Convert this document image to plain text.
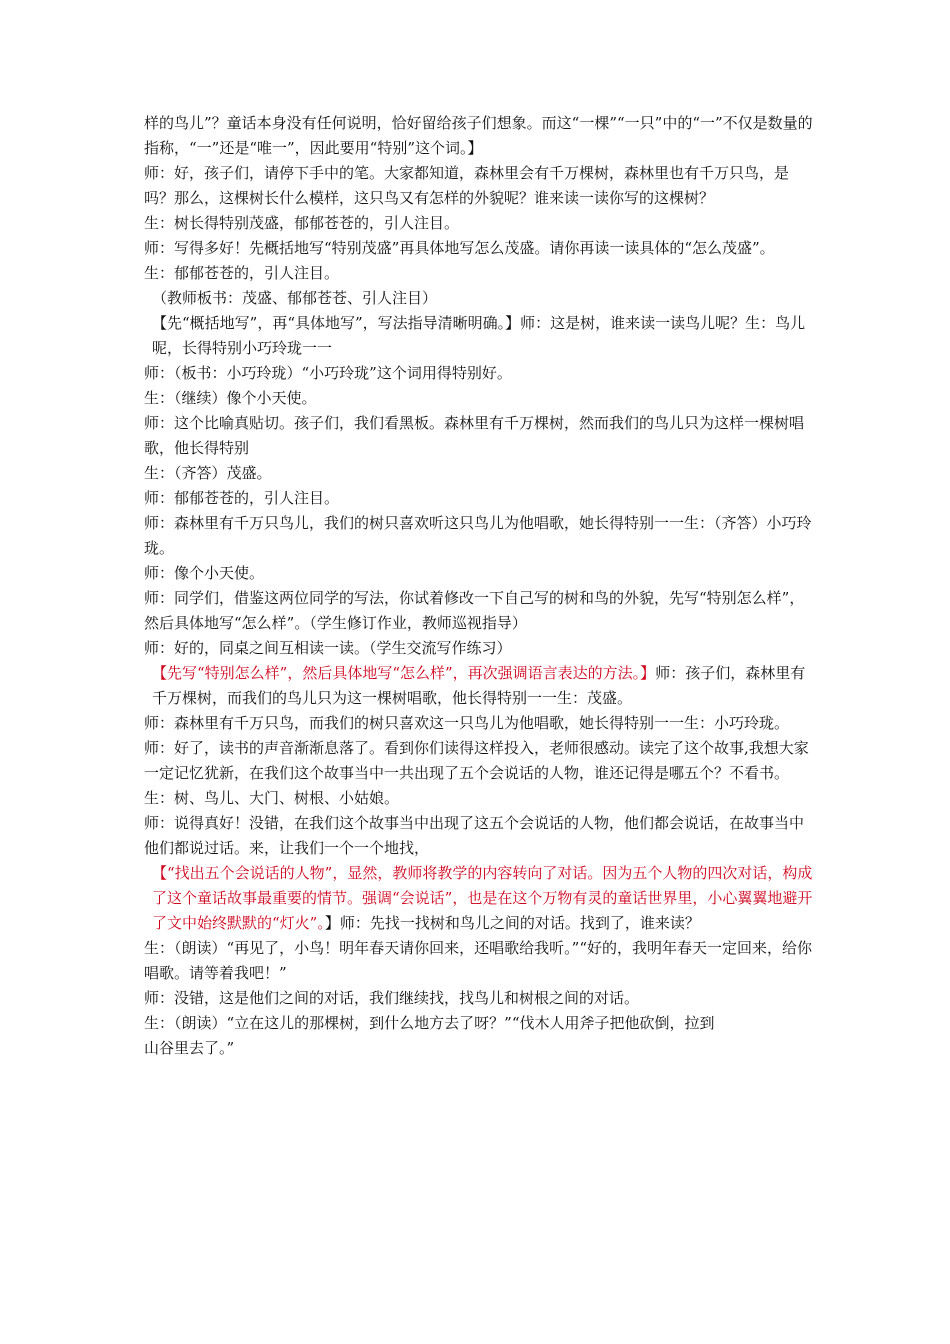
样的鸟儿”？童话本身没有任何说明，恰好留给孩子们想象。而这“一棵”“一只”中的“一”不仅是数量的指称，“一”还是“唯一”，因此要用“特别”这个词。】
师：好，孩子们，请停下手中的笔。大家都知道，森林里会有千万棵树，森林里也有千万只鸟，是吗？那么，这棵树长什么模样，这只鸟又有怎样的外貌呢？谁来读一读你写的这棵树？
生：树长得特别茂盛，郁郁苍苍的，引人注目。
师：写得多好！先概括地写“特别茂盛”再具体地写怎么茂盛。请你再读一读具体的“怎么茂盛”。
生：郁郁苍苍的，引人注目。
（教师板书：茂盛、郁郁苍苍、引人注目）
【先“概括地写”，再“具体地写”，写法指导清晰明确。】师：这是树，谁来读一读鸟儿呢？生：鸟儿呢，长得特别小巧玲珑一一
师：（板书：小巧玲珑）“小巧玲珑”这个词用得特别好。
生：（继续）像个小天使。
师：这个比喻真贴切。孩子们，我们看黑板。森林里有千万棵树，然而我们的鸟儿只为这样一棵树唱歌，他长得特别
生：（齐答）茂盛。
师：郁郁苍苍的，引人注目。
师：森林里有千万只鸟儿，我们的树只喜欢听这只鸟儿为他唱歌，她长得特别一一生：（齐答）小巧玲珑。
师：像个小天使。
师：同学们，借鉴这两位同学的写法，你试着修改一下自己写的树和鸟的外貌，先写“特别怎么样”，然后具体地写“怎么样”。（学生修订作业，教师巡视指导）
师：好的，同桌之间互相读一读。（学生交流写作练习）
【先写“特别怎么样”，然后具体地写“怎么样”，再次强调语言表达的方法。】师：孩子们，森林里有千万棵树，而我们的鸟儿只为这一棵树唱歌，他长得特别一一生：茂盛。
师：森林里有千万只鸟，而我们的树只喜欢这一只鸟儿为他唱歌，她长得特别一一生：小巧玲珑。
师：好了，读书的声音渐渐息落了。看到你们读得这样投入，老师很感动。读完了这个故事,我想大家一定记忆犹新，在我们这个故事当中一共出现了五个会说话的人物，谁还记得是哪五个？不看书。
生：树、鸟儿、大门、树根、小姑娘。
师：说得真好！没错，在我们这个故事当中出现了这五个会说话的人物，他们都会说话，在故事当中他们都说过话。来，让我们一个一个地找，
【“找出五个会说话的人物”，显然，教师将教学的内容转向了对话。因为五个人物的四次对话，构成了这个童话故事最重要的情节。强调“会说话”，也是在这个万物有灵的童话世界里，小心翼翼地避开了文中始终默默的“灯火”。】师：先找一找树和鸟儿之间的对话。找到了，谁来读？
生：（朗读）“再见了，小鸟！明年春天请你回来，还唱歌给我听。”“好的，我明年春天一定回来，给你唱歌。请等着我吧！”
师：没错，这是他们之间的对话，我们继续找，找鸟儿和树根之间的对话。
生：（朗读）“立在这儿的那棵树，到什么地方去了呀？”“伐木人用斧子把他砍倒，拉到
山谷里去了。”
